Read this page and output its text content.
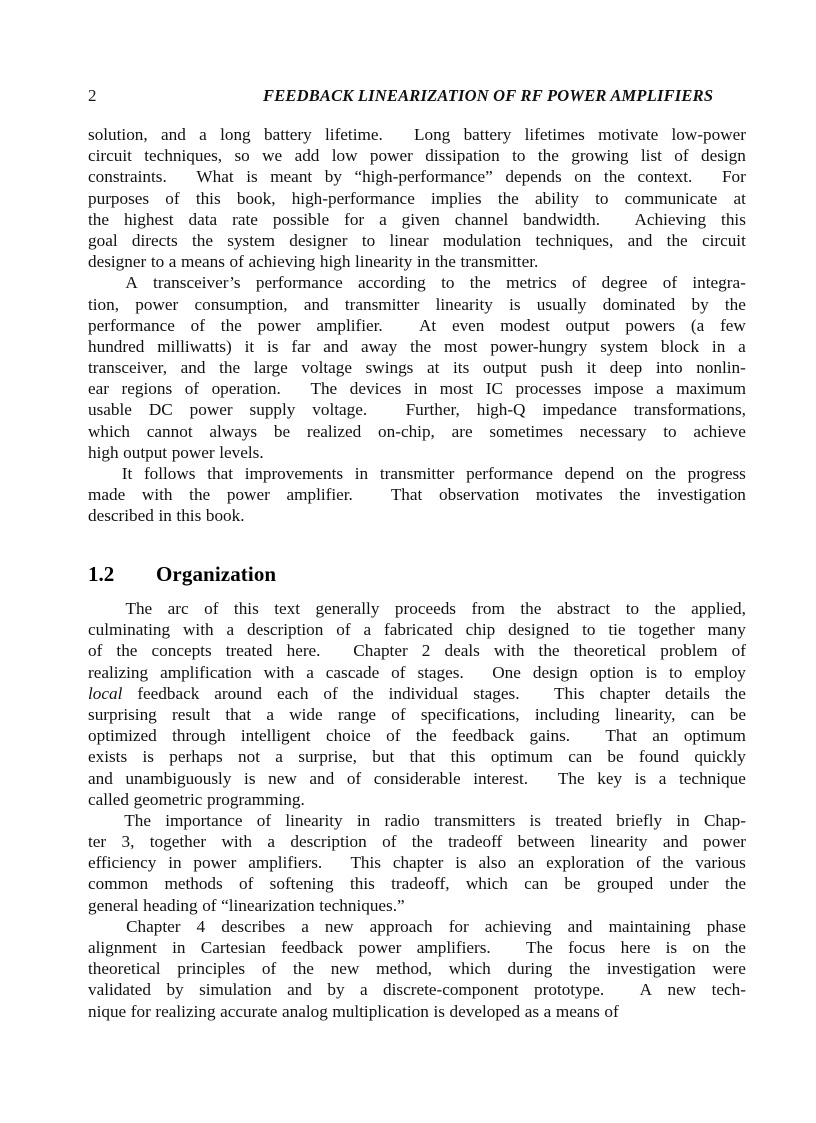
2	FEEDBACK LINEARIZATION OF RF POWER AMPLIFIERS
solution, and a long battery lifetime. Long battery lifetimes motivate low-power
circuit techniques, so we add low power dissipation to the growing list of design
constraints. What is meant by “high-performance” depends on the context. For
purposes of this book, high-performance implies the ability to communicate at
the highest data rate possible for a given channel bandwidth. Achieving this
goal directs the system designer to linear modulation techniques, and the circuit
designer to a means of achieving high linearity in the transmitter.
A transceiver’s performance according to the metrics of degree of integra-
tion, power consumption, and transmitter linearity is usually dominated by the
performance of the power amplifier. At even modest output powers (a few
hundred milliwatts) it is far and away the most power-hungry system block in a
transceiver, and the large voltage swings at its output push it deep into nonlin-
ear regions of operation. The devices in most IC processes impose a maximum
usable DC power supply voltage. Further, high-Q impedance transformations,
which cannot always be realized on-chip, are sometimes necessary to achieve
high output power levels.
It follows that improvements in transmitter performance depend on the progress
made with the power amplifier. That observation motivates the investigation
described in this book.
1.2	Organization
The arc of this text generally proceeds from the abstract to the applied,
culminating with a description of a fabricated chip designed to tie together many
of the concepts treated here. Chapter 2 deals with the theoretical problem of
realizing amplification with a cascade of stages. One design option is to employ
local feedback around each of the individual stages. This chapter details the
surprising result that a wide range of specifications, including linearity, can be
optimized through intelligent choice of the feedback gains. That an optimum
exists is perhaps not a surprise, but that this optimum can be found quickly
and unambiguously is new and of considerable interest. The key is a technique
called geometric programming.
The importance of linearity in radio transmitters is treated briefly in Chap-
ter 3, together with a description of the tradeoff between linearity and power
efficiency in power amplifiers. This chapter is also an exploration of the various
common methods of softening this tradeoff, which can be grouped under the
general heading of “linearization techniques.”
Chapter 4 describes a new approach for achieving and maintaining phase
alignment in Cartesian feedback power amplifiers. The focus here is on the
theoretical principles of the new method, which during the investigation were
validated by simulation and by a discrete-component prototype. A new tech-
nique for realizing accurate analog multiplication is developed as a means of
